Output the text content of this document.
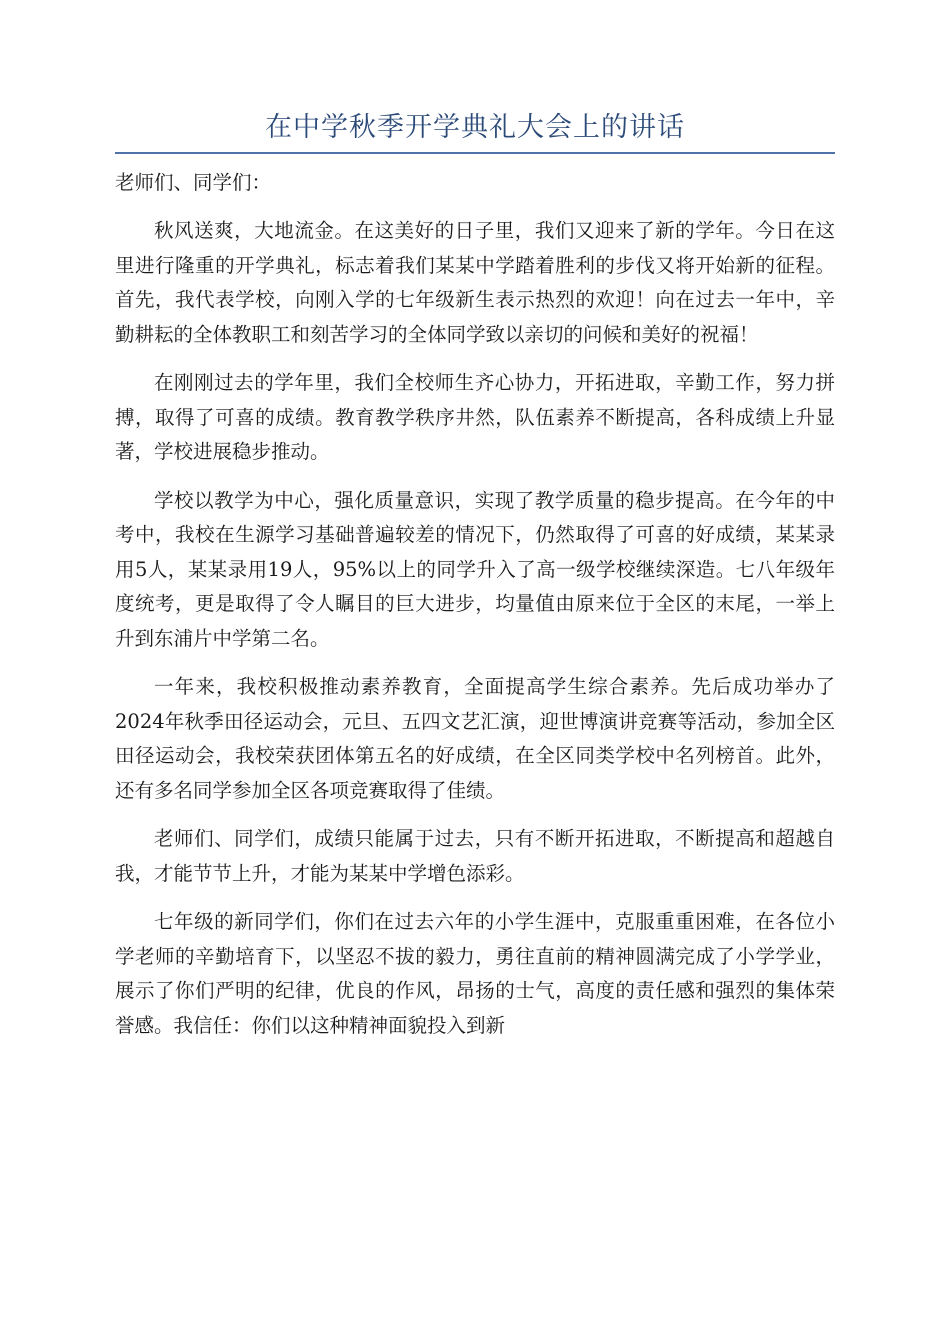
在中学秋季开学典礼大会上的讲话

老师们、同学们：

秋风送爽，大地流金。在这美好的日子里，我们又迎来了新的学年。今日在这里进行隆重的开学典礼，标志着我们某某中学踏着胜利的步伐又将开始新的征程。首先，我代表学校，向刚入学的七年级新生表示热烈的欢迎！向在过去一年中，辛勤耕耘的全体教职工和刻苦学习的全体同学致以亲切的问候和美好的祝福！

在刚刚过去的学年里，我们全校师生齐心协力，开拓进取，辛勤工作，努力拼搏，取得了可喜的成绩。教育教学秩序井然，队伍素养不断提高，各科成绩上升显著，学校进展稳步推动。

学校以教学为中心，强化质量意识，实现了教学质量的稳步提高。在今年的中考中，我校在生源学习基础普遍较差的情况下，仍然取得了可喜的好成绩，某某录用5人，某某录用19人，95%以上的同学升入了高一级学校继续深造。七八年级年度统考，更是取得了令人瞩目的巨大进步，均量值由原来位于全区的末尾，一举上升到东浦片中学第二名。

一年来，我校积极推动素养教育，全面提高学生综合素养。先后成功举办了2024年秋季田径运动会，元旦、五四文艺汇演，迎世博演讲竞赛等活动，参加全区田径运动会，我校荣获团体第五名的好成绩，在全区同类学校中名列榜首。此外，还有多名同学参加全区各项竞赛取得了佳绩。

老师们、同学们，成绩只能属于过去，只有不断开拓进取，不断提高和超越自我，才能节节上升，才能为某某中学增色添彩。

七年级的新同学们，你们在过去六年的小学生涯中，克服重重困难，在各位小学老师的辛勤培育下，以坚忍不拔的毅力，勇往直前的精神圆满完成了小学学业，展示了你们严明的纪律，优良的作风，昂扬的士气，高度的责任感和强烈的集体荣誉感。我信任：你们以这种精神面貌投入到新
